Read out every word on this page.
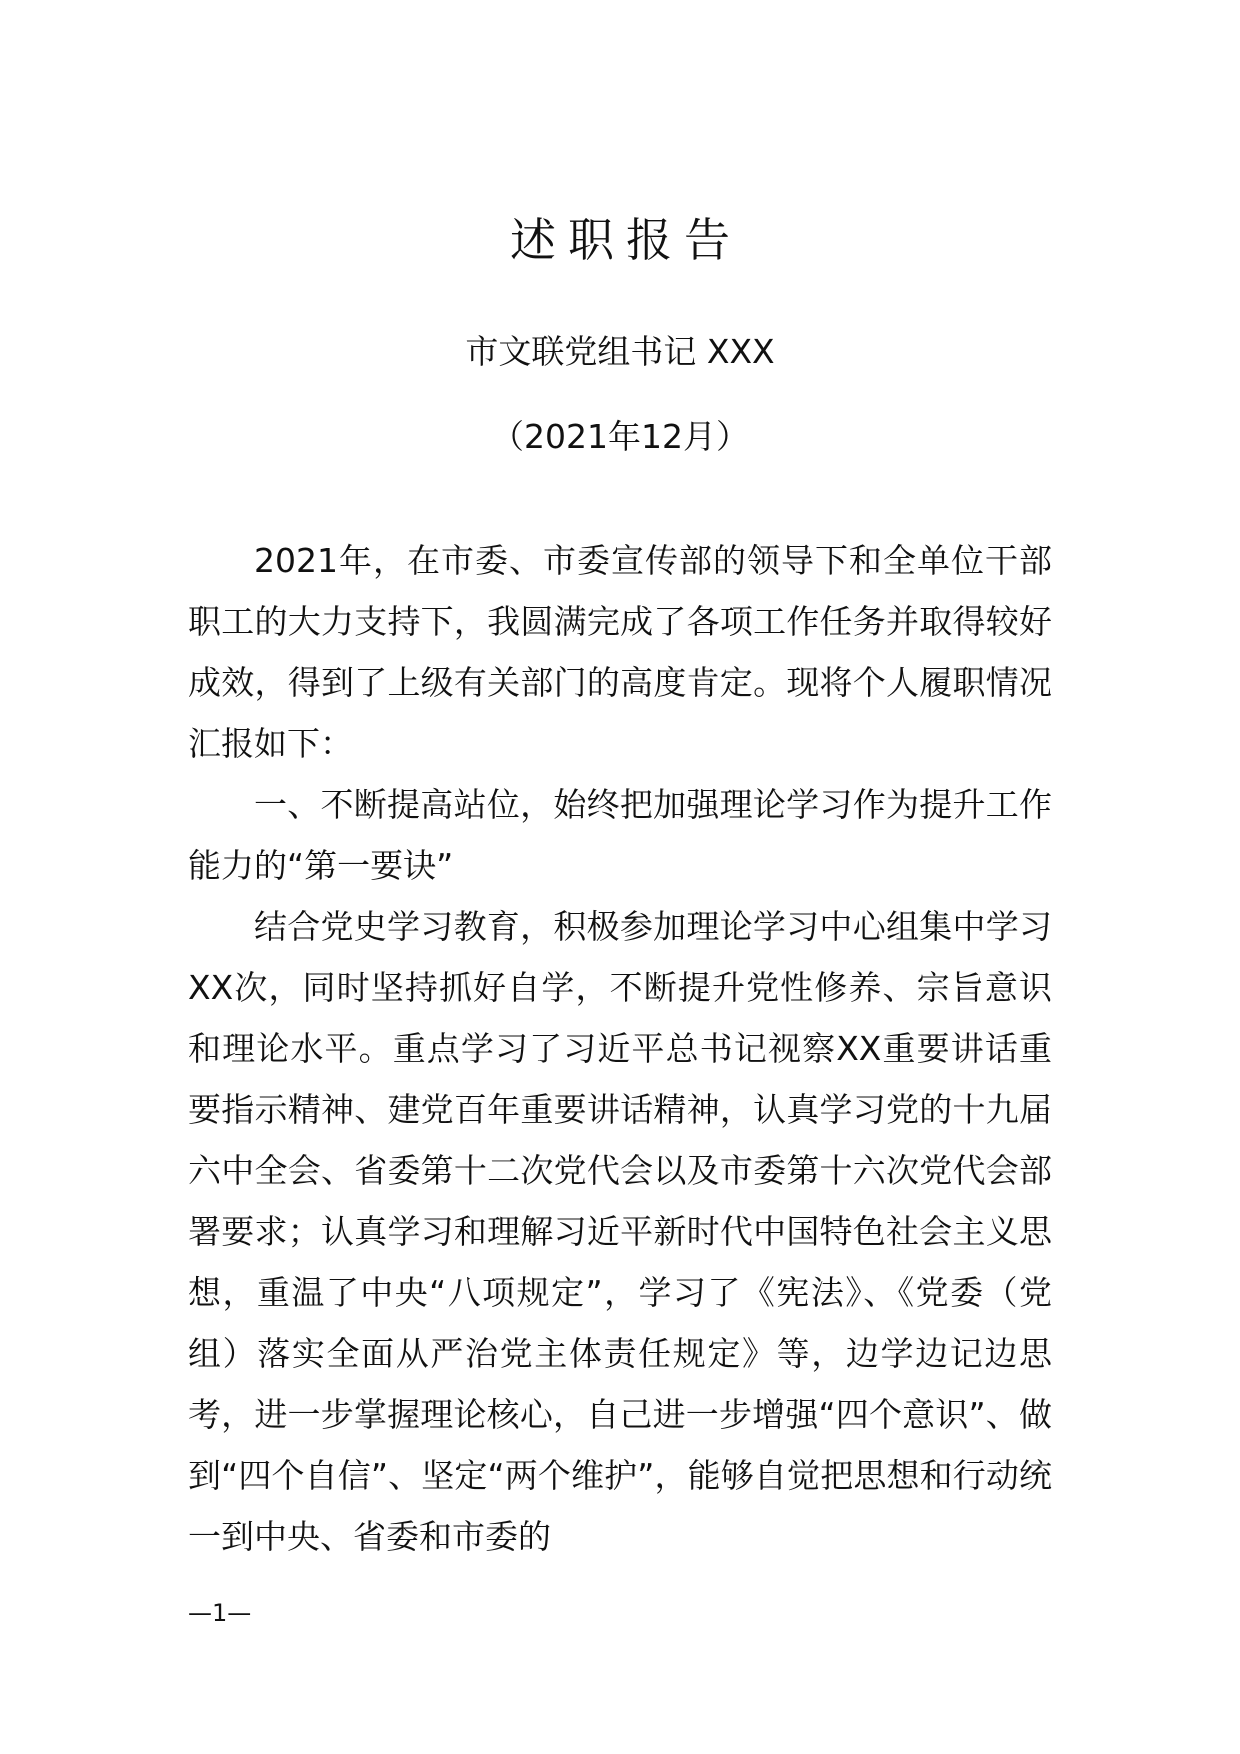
述职报告
市文联党组书记 XXX
（2021年12月）

2021年，在市委、市委宣传部的领导下和全单位干部职工的大力支持下，我圆满完成了各项工作任务并取得较好成效，得到了上级有关部门的高度肯定。现将个人履职情况汇报如下：

一、不断提高站位，始终把加强理论学习作为提升工作能力的“第一要诀”

结合党史学习教育，积极参加理论学习中心组集中学习XX次，同时坚持抓好自学，不断提升党性修养、宗旨意识和理论水平。重点学习了习近平总书记视察XX重要讲话重要指示精神、建党百年重要讲话精神，认真学习党的十九届六中全会、省委第十二次党代会以及市委第十六次党代会部署要求；认真学习和理解习近平新时代中国特色社会主义思想，重温了中央“八项规定”，学习了《宪法》、《党委（党组）落实全面从严治党主体责任规定》等，边学边记边思考，进一步掌握理论核心，自己进一步增强“四个意识”、做到“四个自信”、坚定“两个维护”，能够自觉把思想和行动统一到中央、省委和市委的

—1—
